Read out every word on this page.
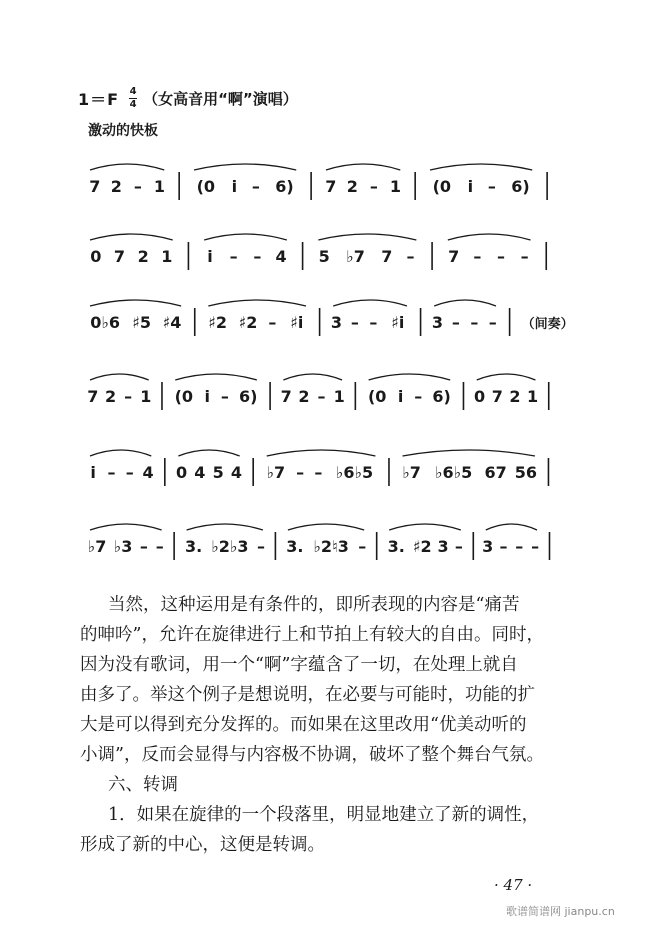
$1=F \frac{4}{4}$ （女高音用“啊”演唱）
激动的快板
7 2 – 1 (0 i – 6) 7 2 – 1 (0 i – 6)
0 7 2 1 i – – 4 5 ♭7 7 – 7 – – –
0♭6 ♯5 ♯4 ♯2 ♯2 – ♯i 3 – – ♯i 3 – – – （间奏）
7 2 – 1 (0 i – 6) 7 2 – 1 (0 i – 6) 0 7 2 1
i – – 4 0 4 5 4 ♭7 – – ♭6♭5 ♭7 ♭6♭5 67 56
♭7 ♭3 – – 3. ♭2♭3 – 3. ♭2♮3 – 3. ♯2 3 – 3 – – –

当然，这种运用是有条件的，即所表现的内容是“痛苦
的呻吟”，允许在旋律进行上和节拍上有较大的自由。同时，
因为没有歌词，用一个“啊”字蕴含了一切，在处理上就自
由多了。举这个例子是想说明，在必要与可能时，功能的扩
大是可以得到充分发挥的。而如果在这里改用“优美动听的
小调”，反而会显得与内容极不协调，破坏了整个舞台气氛。

六、转调

1．如果在旋律的一个段落里，明显地建立了新的调性，
形成了新的中心，这便是转调。

· 47 ·
歌谱简谱网 jianpu.cn
